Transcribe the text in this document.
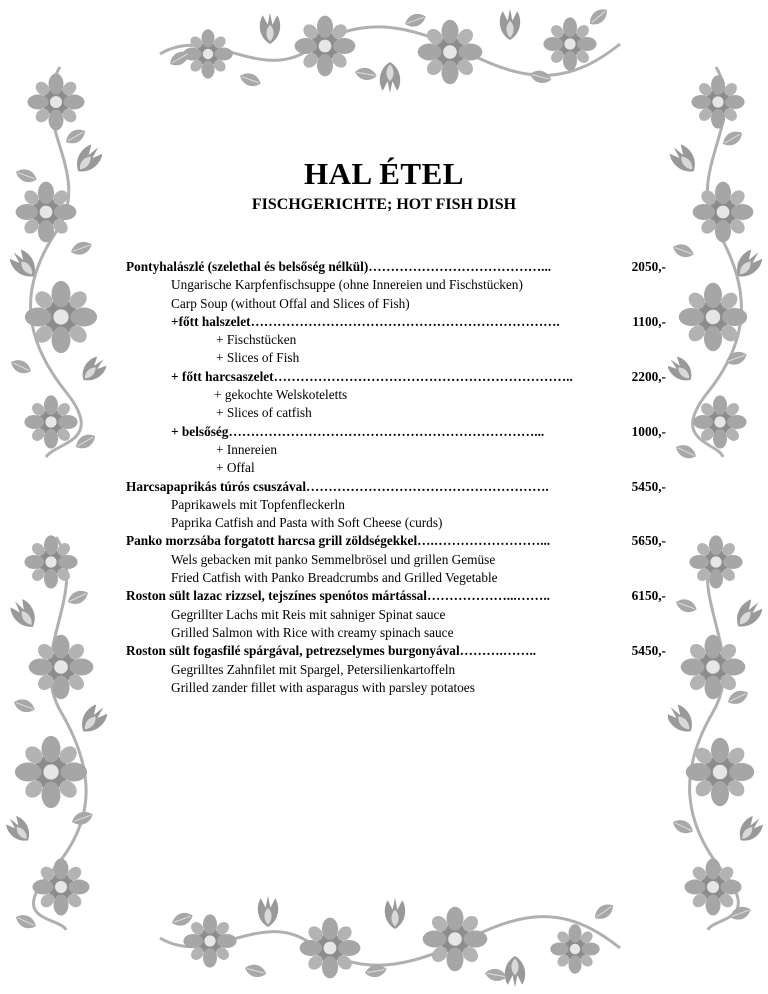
HAL ÉTEL
FISCHGERICHTE; HOT FISH DISH
Pontyhalászlé (szelethal és belsőség nélkül) …………………………………...	2050,-
Ungarische Karpfenfischsuppe (ohne Innereien und Fischstücken)
Carp Soup (without Offal and Slices of Fish)
+főtt halszelet …………………………………………………………….	1100,-
+ Fischstücken
+ Slices of Fish
+ főtt harcsaszelet …………………………………………………………..	2200,-
+ gekochte Welskoteletts
+ Slices of catfish
+ belsőség ……………………………………………………………...	1000,-
+ Innereien
+ Offal
Harcsapaprikás túrós csuszával ……………………………………………….	5450,-
Paprikawels mit Topfenfleckerln
Paprika Catfish and Pasta with Soft Cheese (curds)
Panko morzsába forgatott harcsa grill zöldségekkel ….……………………...	5650,-
Wels gebacken mit panko Semmelbrösel und grillen Gemüse
Fried Catfish with Panko Breadcrumbs and Grilled Vegetable
Roston sült lazac rizzsel, tejszínes spenótos mártással ………………...……..	6150,-
Gegrillter Lachs mit Reis mit sahniger Spinat sauce
Grilled Salmon with Rice with creamy spinach sauce
Roston sült fogasfilé spárgával, petrezselymes burgonyával ……….……..	5450,-
Gegrilltes Zahnfilet mit Spargel, Petersilienkartoffeln
Grilled zander fillet with asparagus with parsley potatoes
